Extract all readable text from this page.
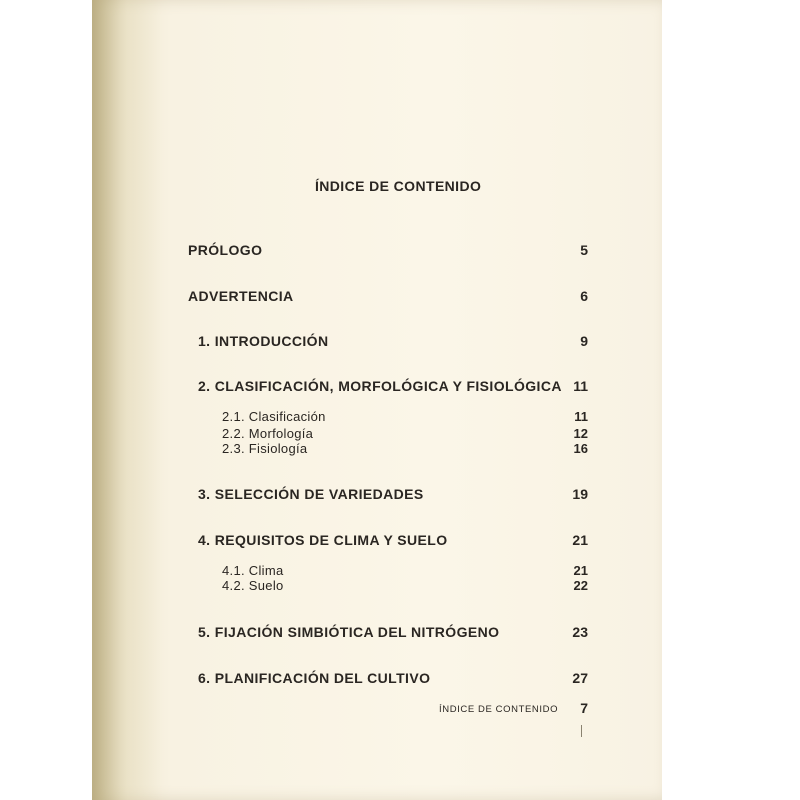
ÍNDICE DE CONTENIDO
PRÓLOGO	5
ADVERTENCIA	6
1. INTRODUCCIÓN	9
2. CLASIFICACIÓN, MORFOLÓGICA Y FISIOLÓGICA 11
2.1. Clasificación	11
2.2. Morfología	12
2.3. Fisiología	16
3. SELECCIÓN DE VARIEDADES	19
4. REQUISITOS DE CLIMA Y SUELO	21
4.1. Clima	21
4.2. Suelo	22
5. FIJACIÓN SIMBIÓTICA DEL NITRÓGENO	23
6. PLANIFICACIÓN DEL CULTIVO	27
ÍNDICE DE CONTENIDO	7
